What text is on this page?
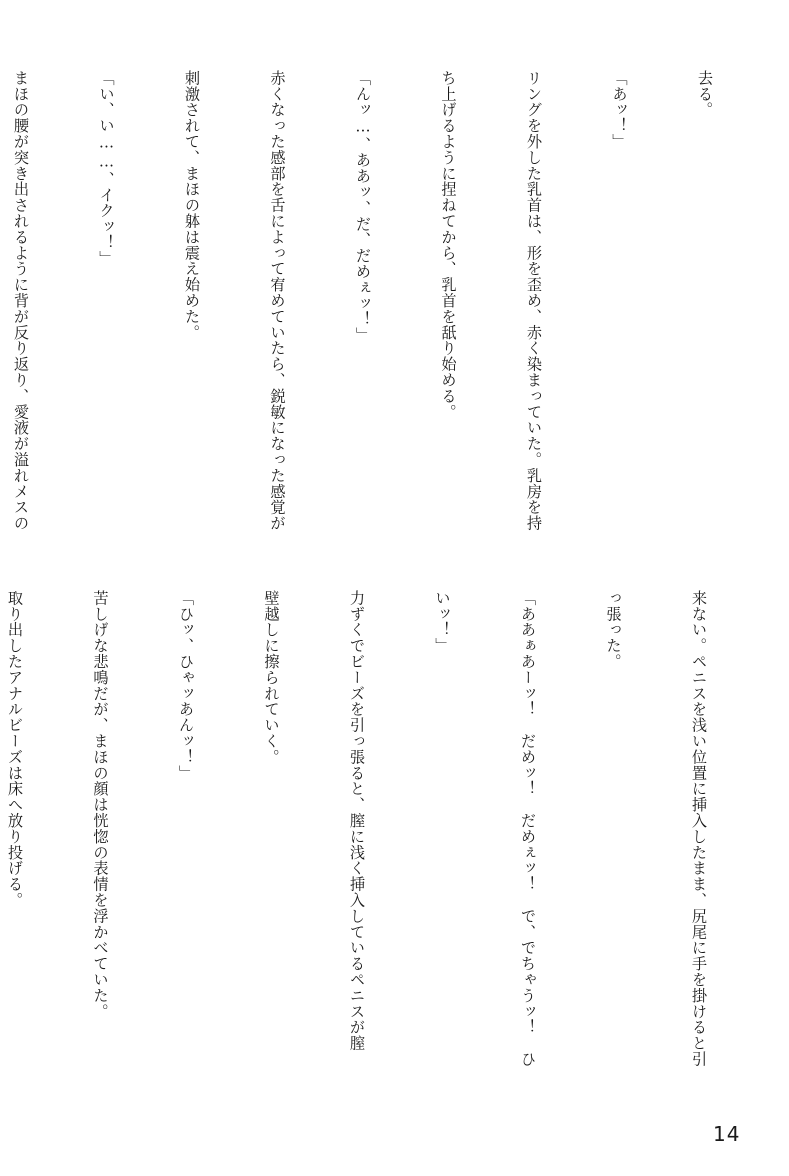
去る。

「あッ！」

リングを外した乳首は、形を歪め、赤く染まっていた。乳房を持

ち上げるように捏ねてから、乳首を舐り始める。

「んッ…、ああッ、だ、だめぇッ！」

赤くなった感部を舌によって宥めていたら、鋭敏になった感覚が

刺激されて、まほの躰は震え始めた。

「い、い……、イクッ！」

まほの腰が突き出されるように背が反り返り、愛液が溢れメスの

来ない。ペニスを浅い位置に挿入したまま、尻尾に手を掛けると引

っ張った。

「ああぁあーッ！　だめッ！　だめぇッ！　で、でちゃうッ！　ひ

いッ！」

力ずくでビーズを引っ張ると、膣に浅く挿入しているペニスが膣

壁越しに擦られていく。

「ひッ、ひゃッあんッ！」

苦しげな悲鳴だが、まほの顔は恍惚の表情を浮かべていた。

取り出したアナルビーズは床へ放り投げる。

14
